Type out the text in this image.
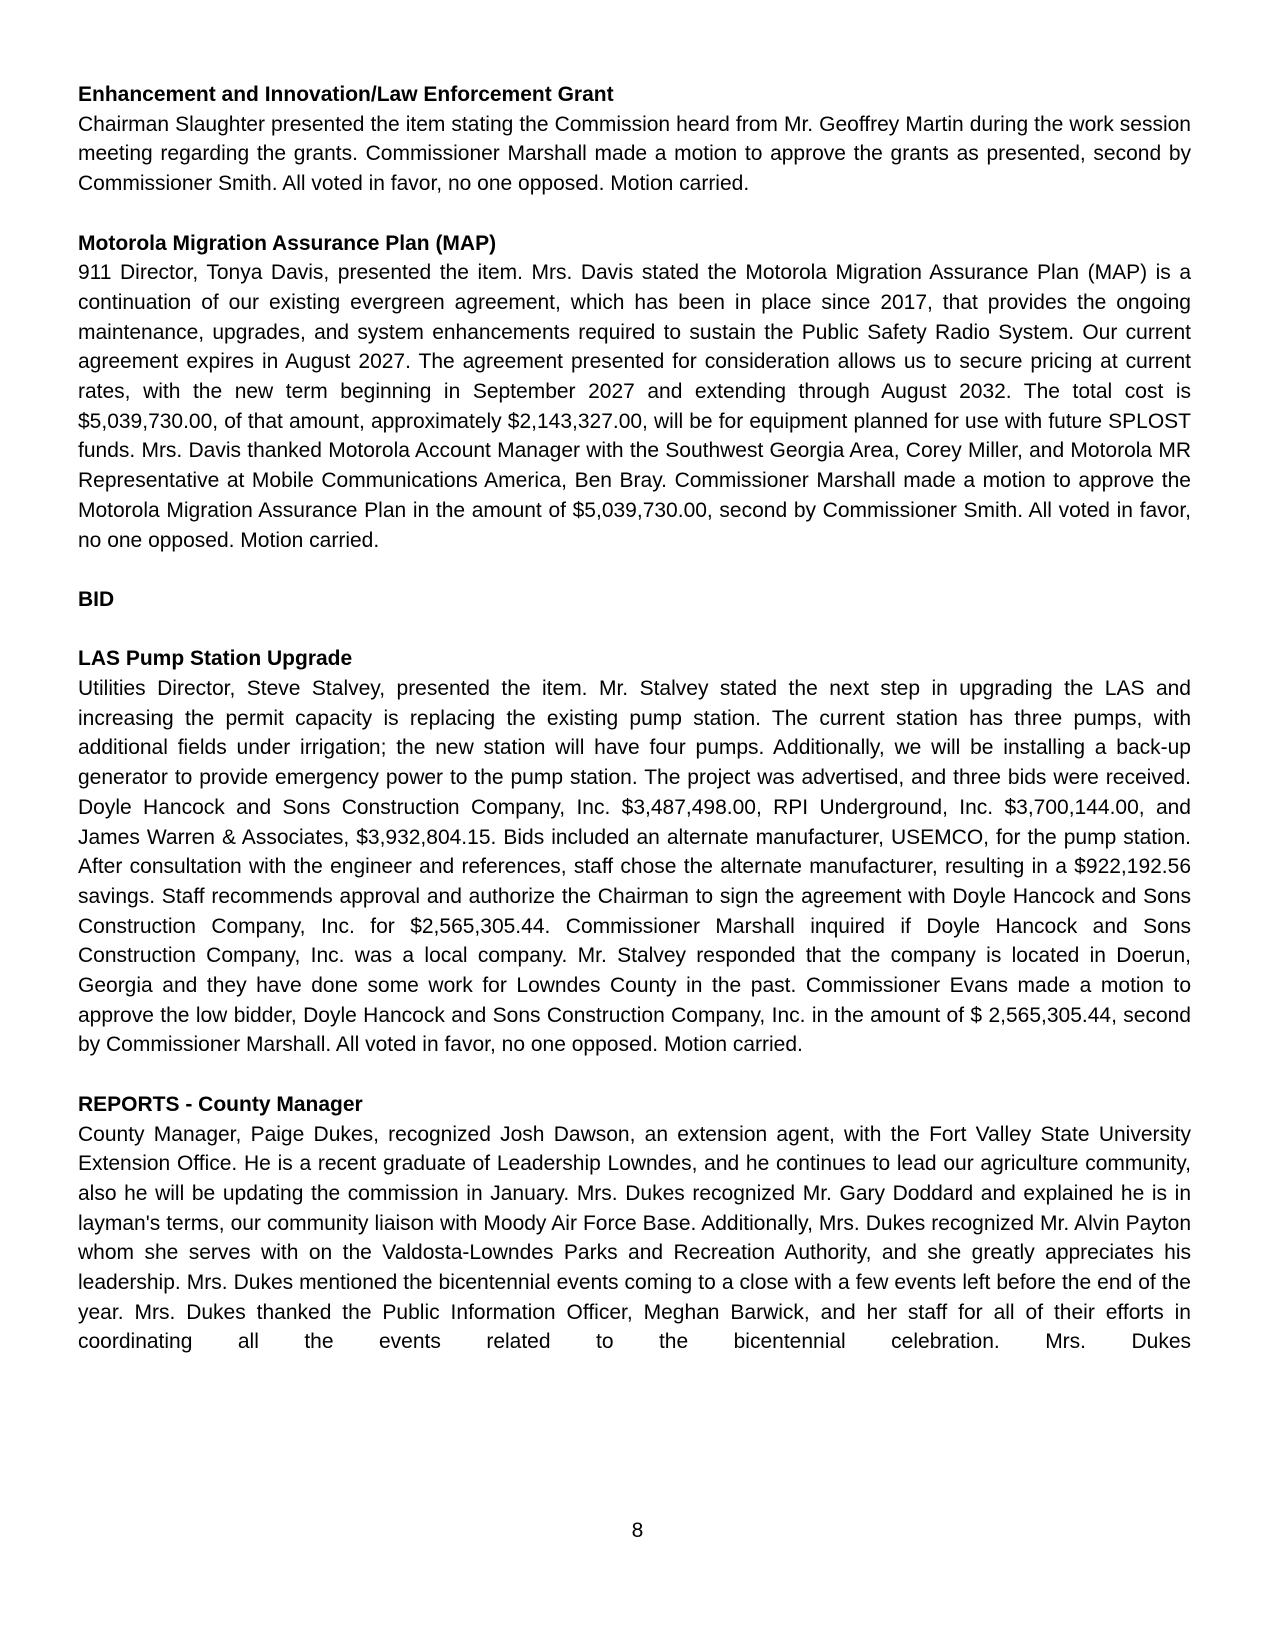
Enhancement and Innovation/Law Enforcement Grant

Chairman Slaughter presented the item stating the Commission heard from Mr. Geoffrey Martin during the work session meeting regarding the grants. Commissioner Marshall made a motion to approve the grants as presented, second by Commissioner Smith. All voted in favor, no one opposed. Motion carried.

Motorola Migration Assurance Plan (MAP)

911 Director, Tonya Davis, presented the item. Mrs. Davis stated the Motorola Migration Assurance Plan (MAP) is a continuation of our existing evergreen agreement, which has been in place since 2017, that provides the ongoing maintenance, upgrades, and system enhancements required to sustain the Public Safety Radio System. Our current agreement expires in August 2027. The agreement presented for consideration allows us to secure pricing at current rates, with the new term beginning in September 2027 and extending through August 2032. The total cost is $5,039,730.00, of that amount, approximately $2,143,327.00, will be for equipment planned for use with future SPLOST funds. Mrs. Davis thanked Motorola Account Manager with the Southwest Georgia Area, Corey Miller, and Motorola MR Representative at Mobile Communications America, Ben Bray. Commissioner Marshall made a motion to approve the Motorola Migration Assurance Plan in the amount of $5,039,730.00, second by Commissioner Smith. All voted in favor, no one opposed. Motion carried.

BID
LAS Pump Station Upgrade

Utilities Director, Steve Stalvey, presented the item. Mr. Stalvey stated the next step in upgrading the LAS and increasing the permit capacity is replacing the existing pump station. The current station has three pumps, with additional fields under irrigation; the new station will have four pumps. Additionally, we will be installing a back-up generator to provide emergency power to the pump station. The project was advertised, and three bids were received. Doyle Hancock and Sons Construction Company, Inc. $3,487,498.00, RPI Underground, Inc. $3,700,144.00, and James Warren & Associates, $3,932,804.15. Bids included an alternate manufacturer, USEMCO, for the pump station. After consultation with the engineer and references, staff chose the alternate manufacturer, resulting in a $922,192.56 savings. Staff recommends approval and authorize the Chairman to sign the agreement with Doyle Hancock and Sons Construction Company, Inc. for $2,565,305.44. Commissioner Marshall inquired if Doyle Hancock and Sons Construction Company, Inc. was a local company. Mr. Stalvey responded that the company is located in Doerun, Georgia and they have done some work for Lowndes County in the past. Commissioner Evans made a motion to approve the low bidder, Doyle Hancock and Sons Construction Company, Inc. in the amount of $ 2,565,305.44, second by Commissioner Marshall. All voted in favor, no one opposed. Motion carried.

REPORTS - County Manager

County Manager, Paige Dukes, recognized Josh Dawson, an extension agent, with the Fort Valley State University Extension Office. He is a recent graduate of Leadership Lowndes, and he continues to lead our agriculture community, also he will be updating the commission in January. Mrs. Dukes recognized Mr. Gary Doddard and explained he is in layman's terms, our community liaison with Moody Air Force Base. Additionally, Mrs. Dukes recognized Mr. Alvin Payton whom she serves with on the Valdosta-Lowndes Parks and Recreation Authority, and she greatly appreciates his leadership. Mrs. Dukes mentioned the bicentennial events coming to a close with a few events left before the end of the year. Mrs. Dukes thanked the Public Information Officer, Meghan Barwick, and her staff for all of their efforts in coordinating all the events related to the bicentennial celebration. Mrs. Dukes

8
